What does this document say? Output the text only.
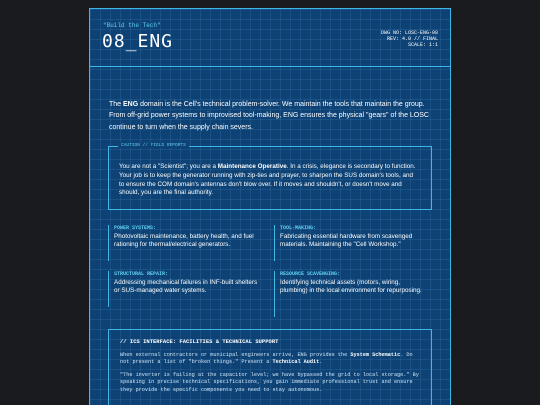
"Build the Tech"
08_ENG	DWG NO: LOSC-ENG-08
REV: 4.0 // FINAL
SCALE: 1:1
The ENG domain is the Cell's technical problem-solver. We maintain the tools that maintain the group. From off-grid power systems to improvised tool-making, ENG ensures the physical "gears" of the LOSC continue to turn when the supply chain severs.
CAUTION // FIELD REPORTS
You are not a "Scientist"; you are a Maintenance Operative. In a crisis, elegance is secondary to function. Your job is to keep the generator running with zip-ties and prayer, to sharpen the SUS domain's tools, and to ensure the COM domain's antennas don't blow over. If it moves and shouldn't, or doesn't move and should, you are the final authority.
POWER SYSTEMS:
Photovoltaic maintenance, battery health, and fuel rationing for thermal/electrical generators.
TOOL-MAKING:
Fabricating essential hardware from scavenged materials. Maintaining the "Cell Workshop."
STRUCTURAL REPAIR:
Addressing mechanical failures in INF-built shelters or SUS-managed water systems.
RESOURCE SCAVENGING:
Identifying technical assets (motors, wiring, plumbing) in the local environment for repurposing.
// ICS INTERFACE: FACILITIES & TECHNICAL SUPPORT
When external contractors or municipal engineers arrive, ENG provides the System Schematic. Do not present a list of "broken things." Present a Technical Audit.
"The inverter is failing at the capacitor level; we have bypassed the grid to local storage." By speaking in precise technical specifications, you gain immediate professional trust and ensure they provide the specific components you need to stay autonomous.
